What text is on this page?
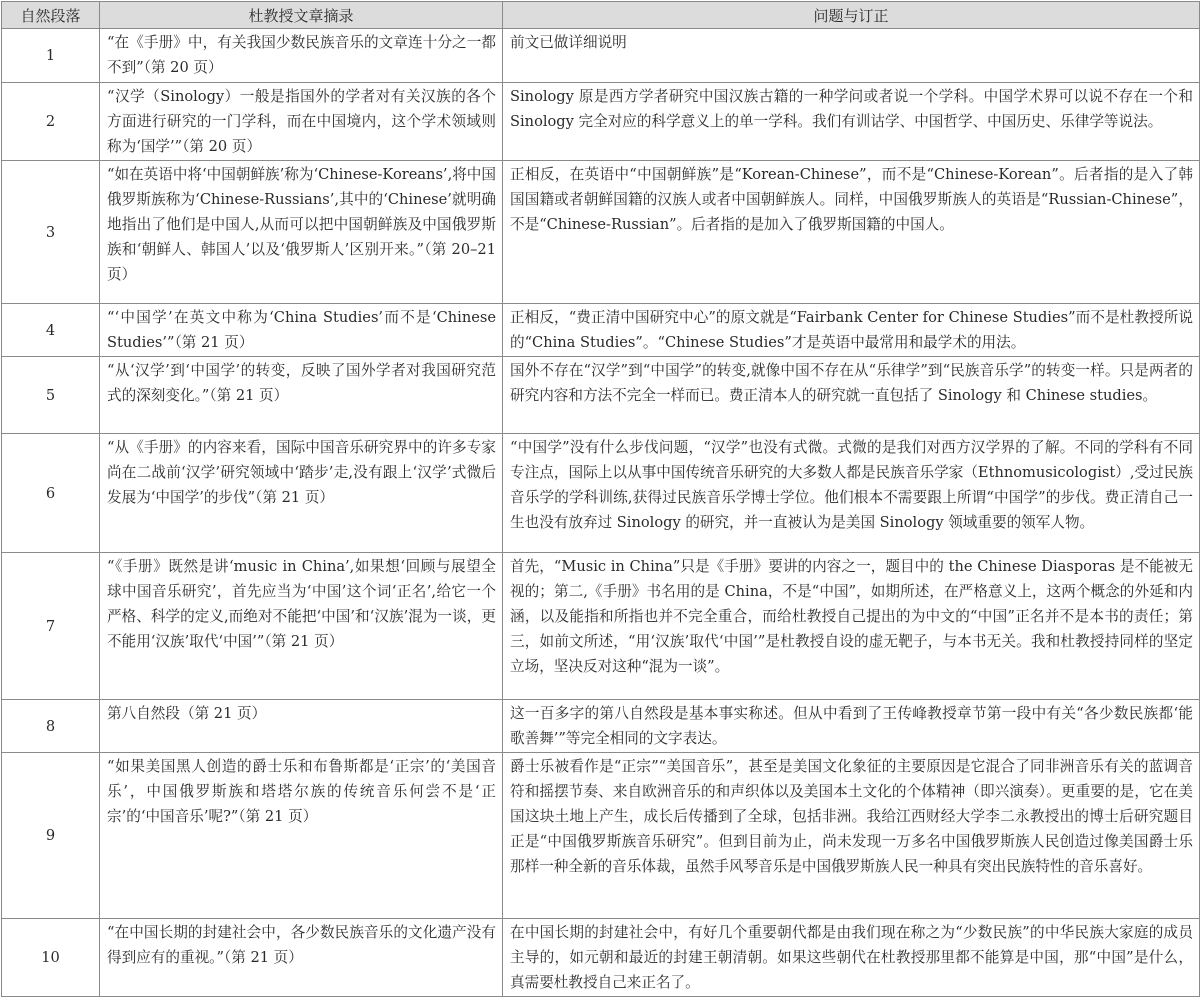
自然段落	杜教授文章摘录	问题与订正
1	“在《手册》中，有关我国少数民族音乐的文章连十分之一都不到”（第 20 页）	前文已做详细说明
2	“汉学（Sinology）一般是指国外的学者对有关汉族的各个方面进行研究的一门学科，而在中国境内，这个学术领域则称为‘国学’”（第 20 页）	Sinology 原是西方学者研究中国汉族古籍的一种学问或者说一个学科。中国学术界可以说不存在一个和 Sinology 完全对应的科学意义上的单一学科。我们有训诂学、中国哲学、中国历史、乐律学等说法。
3	“如在英语中将‘中国朝鲜族’称为‘Chinese-Koreans’,将中国俄罗斯族称为‘Chinese-Russians’,其中的‘Chinese’就明确地指出了他们是中国人,从而可以把中国朝鲜族及中国俄罗斯族和‘朝鲜人、韩国人’以及‘俄罗斯人’区别开来。”（第 20–21 页）	正相反，在英语中“中国朝鲜族”是“Korean-Chinese”，而不是“Chinese-Korean”。后者指的是入了韩国国籍或者朝鲜国籍的汉族人或者中国朝鲜族人。同样，中国俄罗斯族人的英语是“Russian-Chinese”，不是“Chinese-Russian”。后者指的是加入了俄罗斯国籍的中国人。
4	“‘中国学’在英文中称为‘China Studies’而不是‘Chinese Studies’”（第 21 页）	正相反，“费正清中国研究中心”的原文就是“Fairbank Center for Chinese Studies”而不是杜教授所说的“China Studies”。“Chinese Studies”才是英语中最常用和最学术的用法。
5	“从‘汉学’到‘中国学’的转变，反映了国外学者对我国研究范式的深刻变化。”（第 21 页）	国外不存在“汉学”到“中国学”的转变,就像中国不存在从“乐律学”到“民族音乐学”的转变一样。只是两者的研究内容和方法不完全一样而已。费正清本人的研究就一直包括了 Sinology 和 Chinese studies。
6	“从《手册》的内容来看，国际中国音乐研究界中的许多专家尚在二战前‘汉学’研究领域中‘踏步’走,没有跟上‘汉学’式微后发展为‘中国学’的步伐”（第 21 页）	“中国学”没有什么步伐问题，“汉学”也没有式微。式微的是我们对西方汉学界的了解。不同的学科有不同专注点，国际上以从事中国传统音乐研究的大多数人都是民族音乐学家（Ethnomusicologist）,受过民族音乐学的学科训练,获得过民族音乐学博士学位。他们根本不需要跟上所谓“中国学”的步伐。费正清自己一生也没有放弃过 Sinology 的研究，并一直被认为是美国 Sinology 领域重要的领军人物。
7	“《手册》既然是讲‘music in China’,如果想‘回顾与展望全球中国音乐研究’，首先应当为‘中国’这个词‘正名’,给它一个严格、科学的定义,而绝对不能把‘中国’和‘汉族’混为一谈，更不能用‘汉族’取代‘中国’”（第 21 页）	首先，“Music in China”只是《手册》要讲的内容之一，题目中的 the Chinese Diasporas 是不能被无视的；第二,《手册》书名用的是 China，不是“中国”，如期所述，在严格意义上，这两个概念的外延和内涵，以及能指和所指也并不完全重合，而给杜教授自己提出的为中文的“中国”正名并不是本书的责任；第三，如前文所述，“用‘汉族’取代‘中国’”是杜教授自设的虚无靶子，与本书无关。我和杜教授持同样的坚定立场，坚决反对这种“混为一谈”。
8	第八自然段（第 21 页）	这一百多字的第八自然段是基本事实称述。但从中看到了王传峰教授章节第一段中有关“各少数民族都‘能歌善舞’”等完全相同的文字表达。
9	“如果美国黑人创造的爵士乐和布鲁斯都是‘正宗’的‘美国音乐’，中国俄罗斯族和塔塔尔族的传统音乐何尝不是‘正宗’的‘中国音乐’呢?”（第 21 页）	爵士乐被看作是“正宗”“美国音乐”，甚至是美国文化象征的主要原因是它混合了同非洲音乐有关的蓝调音符和摇摆节奏、来自欧洲音乐的和声织体以及美国本土文化的个体精神（即兴演奏）。更重要的是，它在美国这块土地上产生，成长后传播到了全球，包括非洲。我给江西财经大学李二永教授出的博士后研究题目正是“中国俄罗斯族音乐研究”。但到目前为止，尚未发现一万多名中国俄罗斯族人民创造过像美国爵士乐那样一种全新的音乐体裁，虽然手风琴音乐是中国俄罗斯族人民一种具有突出民族特性的音乐喜好。
10	“在中国长期的封建社会中，各少数民族音乐的文化遗产没有得到应有的重视。”（第 21 页）	在中国长期的封建社会中，有好几个重要朝代都是由我们现在称之为“少数民族”的中华民族大家庭的成员主导的，如元朝和最近的封建王朝清朝。如果这些朝代在杜教授那里都不能算是中国，那“中国”是什么，真需要杜教授自己来正名了。
